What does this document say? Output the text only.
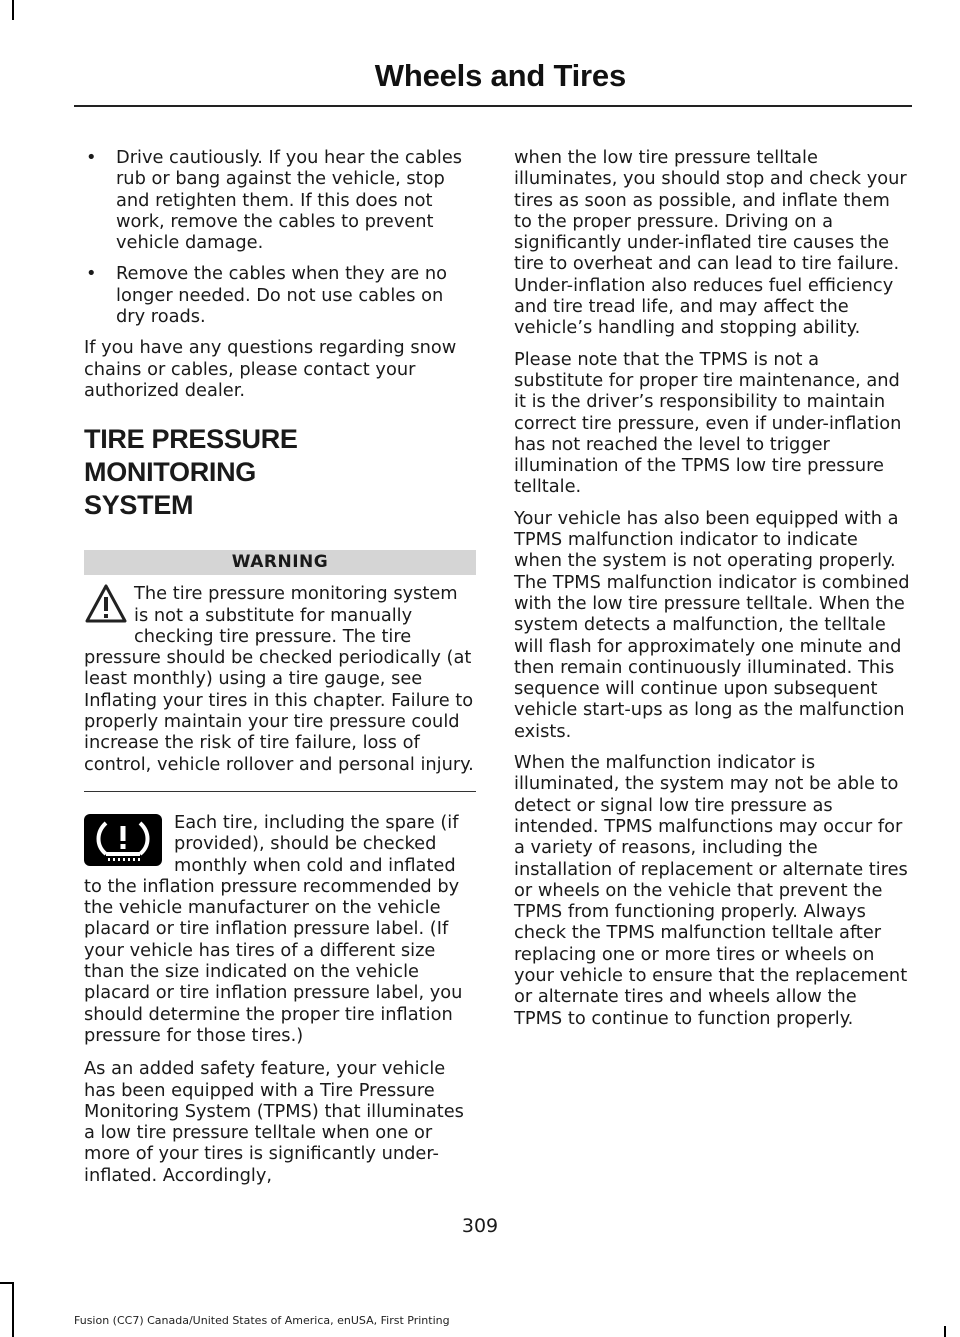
Wheels and Tires
• Drive cautiously. If you hear the cables rub or bang against the vehicle, stop and retighten them. If this does not work, remove the cables to prevent vehicle damage.
• Remove the cables when they are no longer needed. Do not use cables on dry roads.

If you have any questions regarding snow chains or cables, please contact your authorized dealer.

TIRE PRESSURE MONITORING
SYSTEM
WARNING

The tire pressure monitoring system is not a substitute for manually checking tire pressure. The tire pressure should be checked periodically (at least monthly) using a tire gauge, see Inflating your tires in this chapter. Failure to properly maintain your tire pressure could increase the risk of tire failure, loss of control, vehicle rollover and personal injury.

Each tire, including the spare (if provided), should be checked monthly when cold and inflated to the inflation pressure recommended by the vehicle manufacturer on the vehicle placard or tire inflation pressure label. (If your vehicle has tires of a different size than the size indicated on the vehicle placard or tire inflation pressure label, you should determine the proper tire inflation pressure for those tires.)

As an added safety feature, your vehicle has been equipped with a Tire Pressure Monitoring System (TPMS) that illuminates a low tire pressure telltale when one or more of your tires is significantly under-inflated. Accordingly,

when the low tire pressure telltale illuminates, you should stop and check your tires as soon as possible, and inflate them to the proper pressure. Driving on a significantly under-inflated tire causes the tire to overheat and can lead to tire failure. Under-inflation also reduces fuel efficiency and tire tread life, and may affect the vehicle’s handling and stopping ability.

Please note that the TPMS is not a substitute for proper tire maintenance, and it is the driver’s responsibility to maintain correct tire pressure, even if under-inflation has not reached the level to trigger illumination of the TPMS low tire pressure telltale.

Your vehicle has also been equipped with a TPMS malfunction indicator to indicate when the system is not operating properly. The TPMS malfunction indicator is combined with the low tire pressure telltale. When the system detects a malfunction, the telltale will flash for approximately one minute and then remain continuously illuminated. This sequence will continue upon subsequent vehicle start-ups as long as the malfunction exists.

When the malfunction indicator is illuminated, the system may not be able to detect or signal low tire pressure as intended. TPMS malfunctions may occur for a variety of reasons, including the installation of replacement or alternate tires or wheels on the vehicle that prevent the TPMS from functioning properly. Always check the TPMS malfunction telltale after replacing one or more tires or wheels on your vehicle to ensure that the replacement or alternate tires and wheels allow the TPMS to continue to function properly.

309
Fusion (CC7) Canada/United States of America, enUSA, First Printing
